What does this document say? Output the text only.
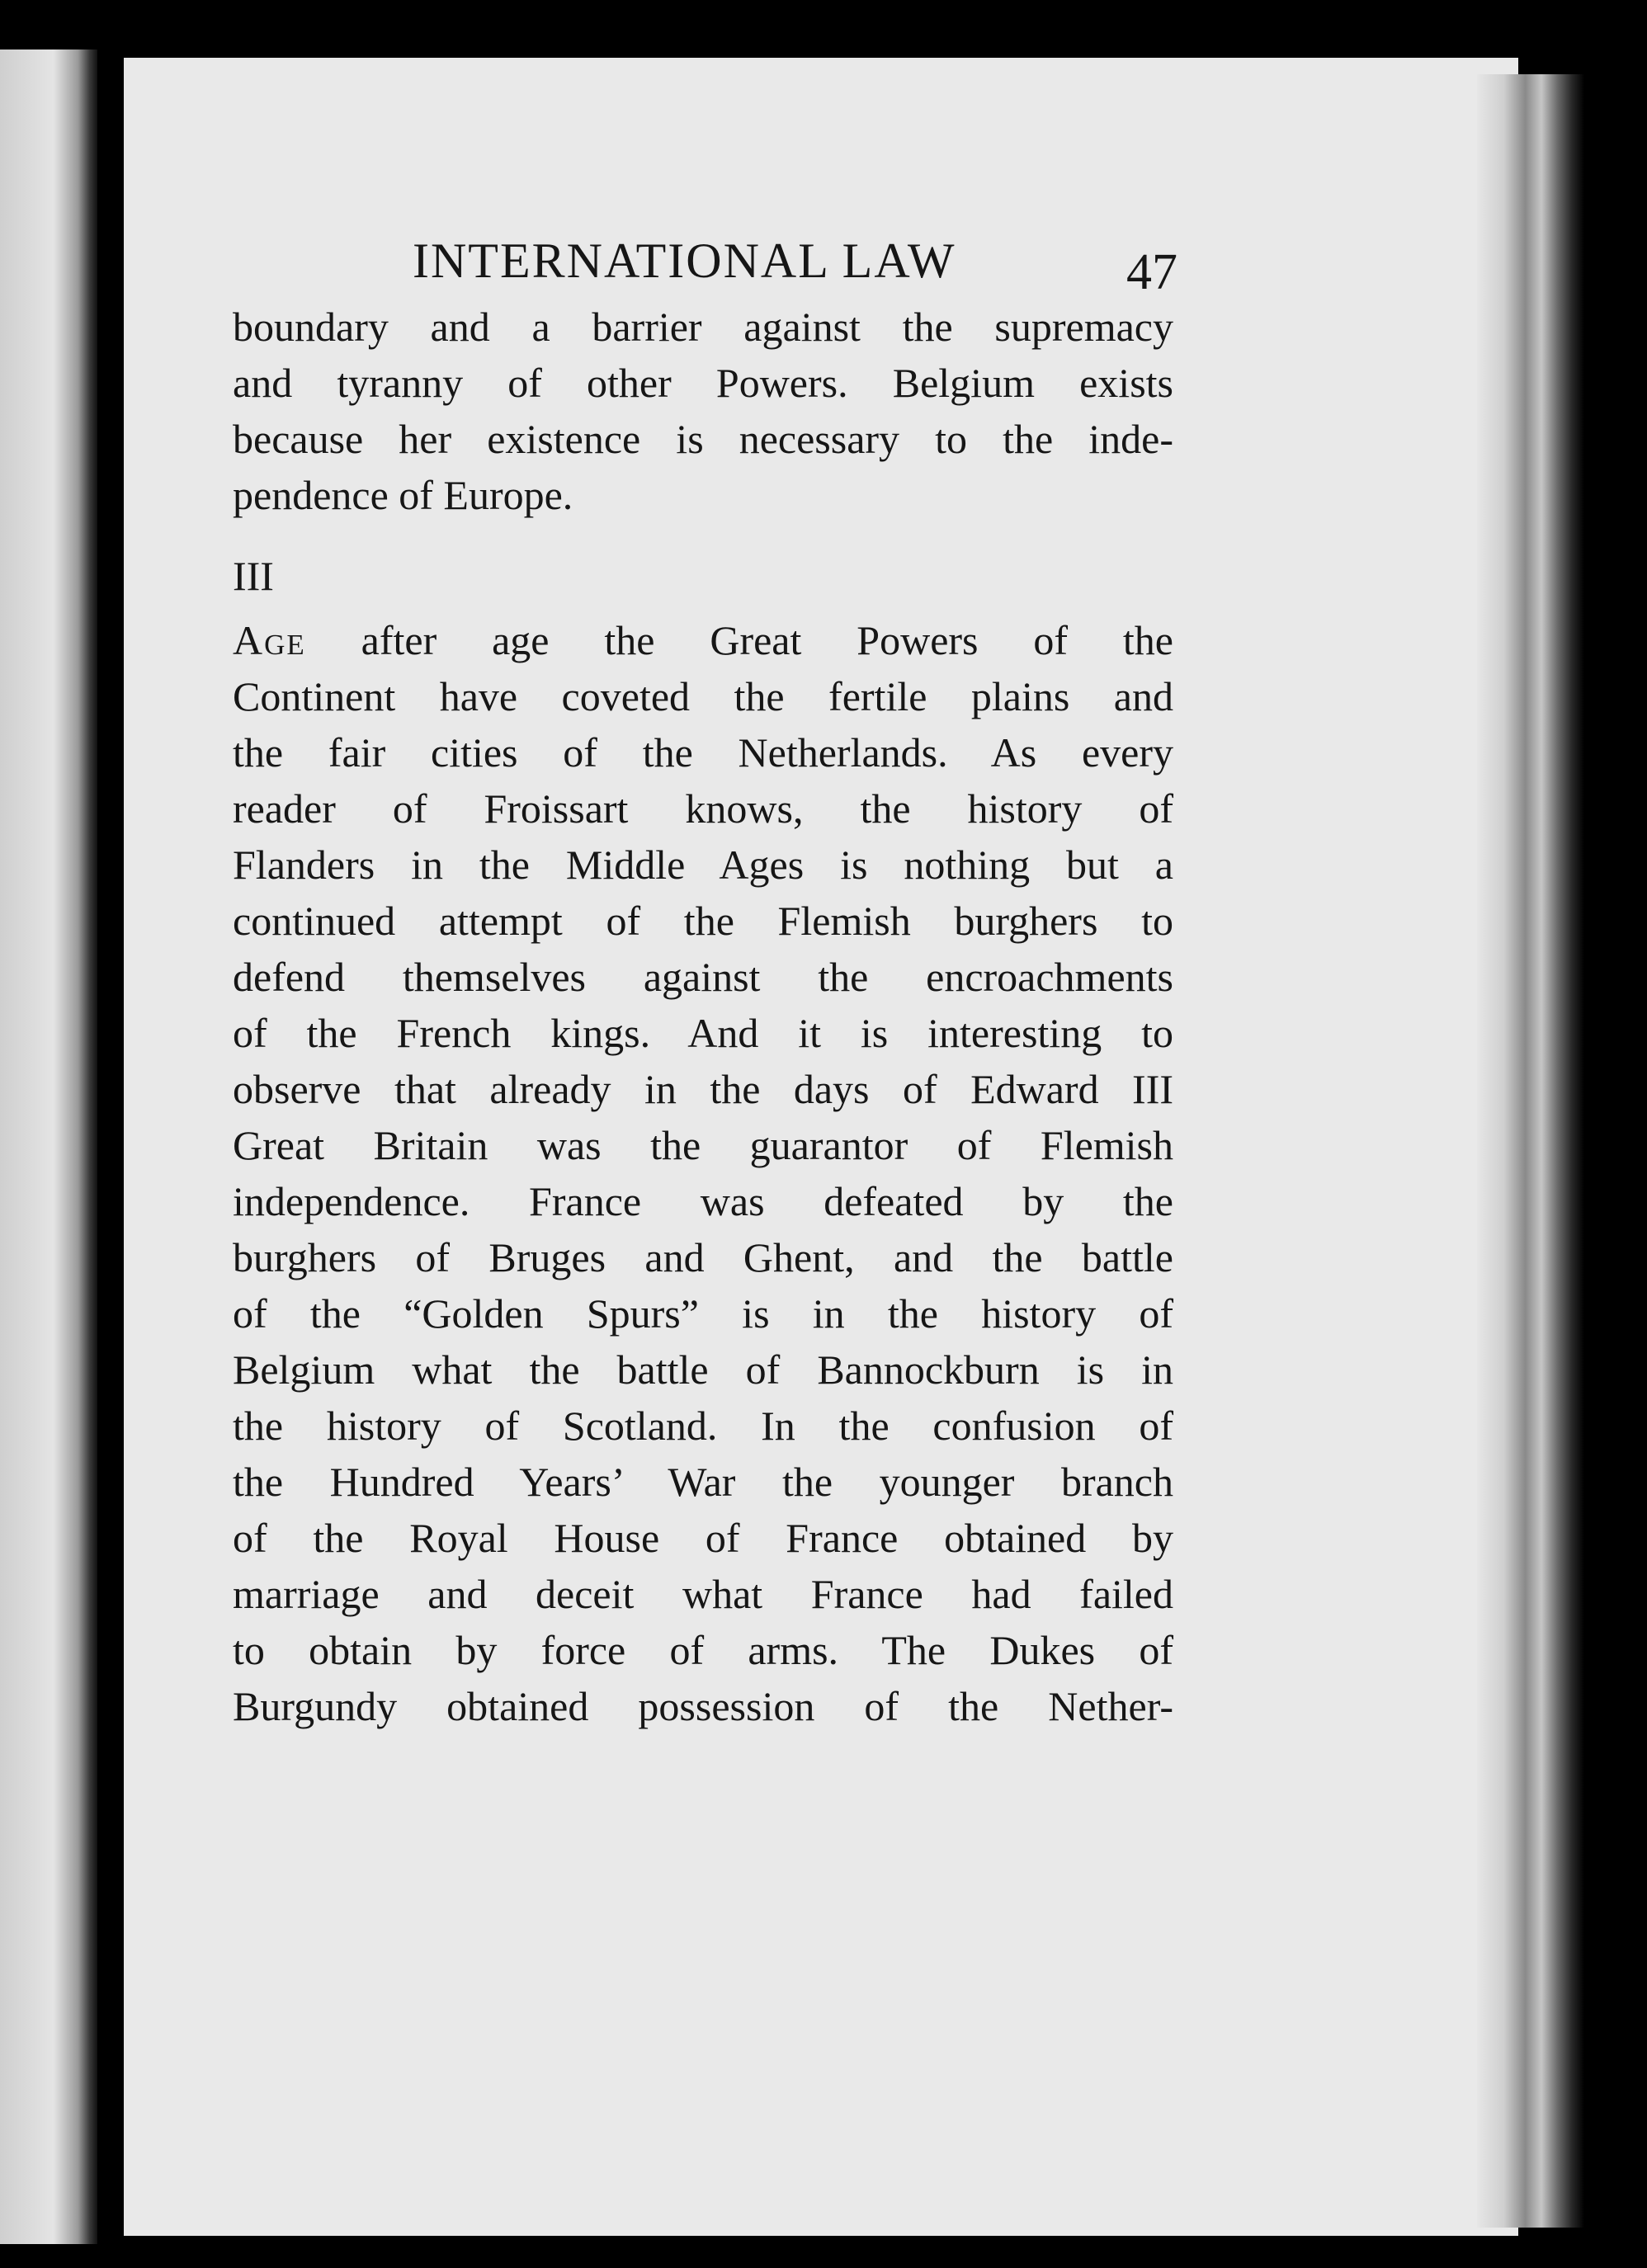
INTERNATIONAL LAW	47
boundary and a barrier against the supremacy
and tyranny of other Powers. Belgium exists
because her existence is necessary to the inde-
pendence of Europe.
III
Age after age the Great Powers of the
Continent have coveted the fertile plains and
the fair cities of the Netherlands. As every
reader of Froissart knows, the history of
Flanders in the Middle Ages is nothing but a
continued attempt of the Flemish burghers to
defend themselves against the encroachments
of the French kings. And it is interesting to
observe that already in the days of Edward III
Great Britain was the guarantor of Flemish
independence. France was defeated by the
burghers of Bruges and Ghent, and the battle
of the “Golden Spurs” is in the history of
Belgium what the battle of Bannockburn is in
the history of Scotland. In the confusion of
the Hundred Years’ War the younger branch
of the Royal House of France obtained by
marriage and deceit what France had failed
to obtain by force of arms. The Dukes of
Burgundy obtained possession of the Nether-
